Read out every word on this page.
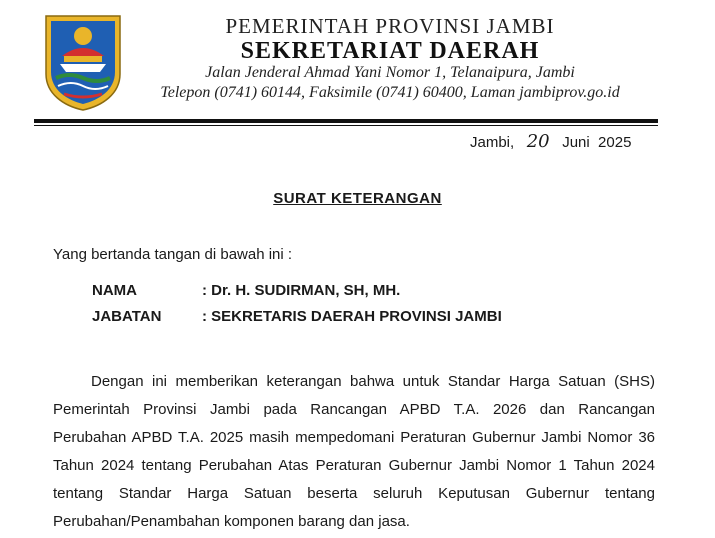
PEMERINTAH PROVINSI JAMBI
SEKRETARIAT DAERAH
Jalan Jenderal Ahmad Yani Nomor 1, Telanaipura, Jambi
Telepon (0741) 60144, Faksimile (0741) 60400, Laman jambiprov.go.id
Jambi, 20 Juni  2025
SURAT KETERANGAN
Yang bertanda tangan di bawah ini :
NAMA	: Dr. H. SUDIRMAN, SH, MH.
JABATAN	: SEKRETARIS DAERAH PROVINSI JAMBI
Dengan ini memberikan keterangan bahwa untuk Standar Harga Satuan (SHS)
Pemerintah Provinsi Jambi pada Rancangan APBD T.A. 2026 dan Rancangan
Perubahan APBD T.A. 2025 masih mempedomani Peraturan Gubernur Jambi Nomor 36
Tahun 2024 tentang Perubahan Atas Peraturan Gubernur Jambi Nomor 1 Tahun 2024
tentang Standar Harga Satuan beserta seluruh Keputusan Gubernur tentang
Perubahan/Penambahan komponen barang dan jasa.
